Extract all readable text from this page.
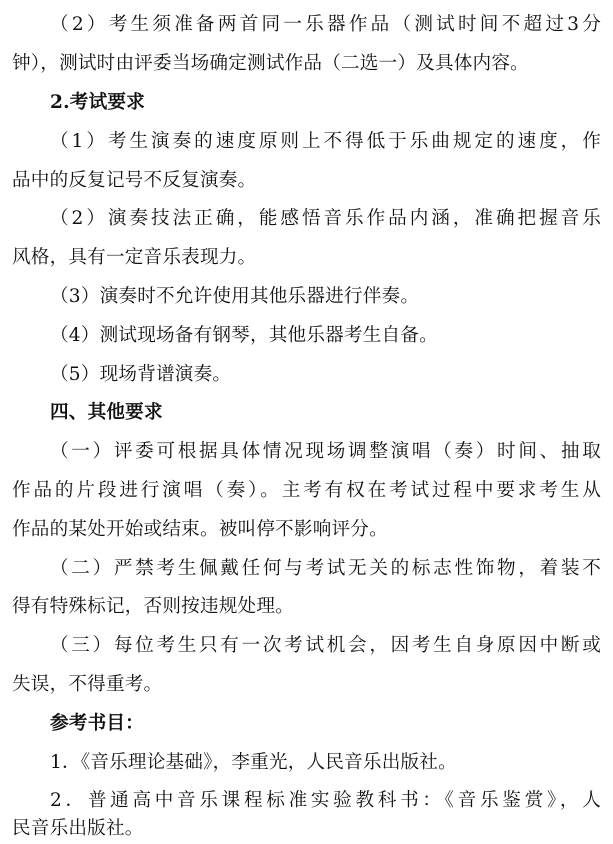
（2）考生须准备两首同一乐器作品（测试时间不超过3分
钟），测试时由评委当场确定测试作品（二选一）及具体内容。
2.考试要求
（1）考生演奏的速度原则上不得低于乐曲规定的速度，作
品中的反复记号不反复演奏。
（2）演奏技法正确，能感悟音乐作品内涵，准确把握音乐
风格，具有一定音乐表现力。
（3）演奏时不允许使用其他乐器进行伴奏。
（4）测试现场备有钢琴，其他乐器考生自备。
（5）现场背谱演奏。
四、其他要求
（一）评委可根据具体情况现场调整演唱（奏）时间、抽取
作品的片段进行演唱（奏）。主考有权在考试过程中要求考生从
作品的某处开始或结束。被叫停不影响评分。
（二）严禁考生佩戴任何与考试无关的标志性饰物，着装不
得有特殊标记，否则按违规处理。
（三）每位考生只有一次考试机会，因考生自身原因中断或
失误，不得重考。
参考书目：
1．《音乐理论基础》，李重光，人民音乐出版社。
2．普通高中音乐课程标准实验教科书：《音乐鉴赏》，人
民音乐出版社。
